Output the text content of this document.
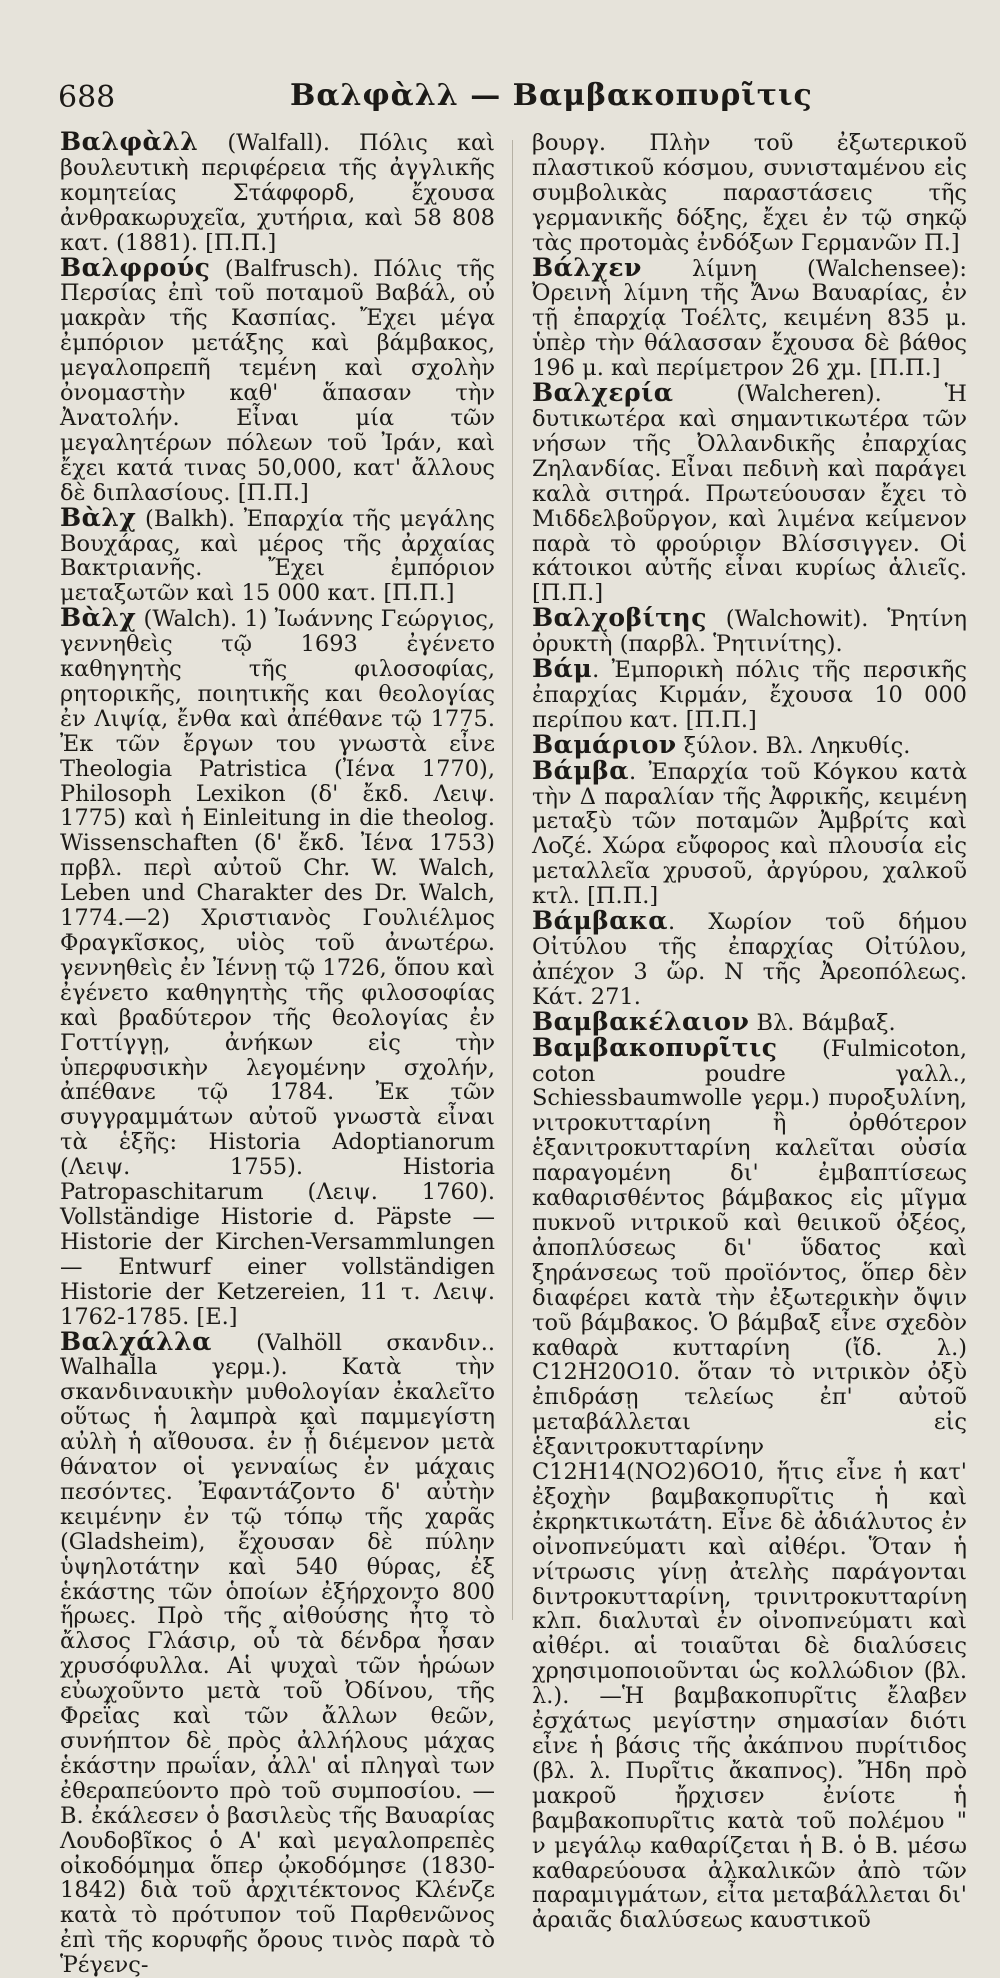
688	Βαλφὰλλ — Βαμβακοπυρῖτις

Βαλφὰλλ (Walfall). Πόλις καὶ βουλευτικὴ περιφέρεια τῆς ἀγγλικῆς κομητείας Στάφφορδ, ἔχουσα ἀνθρακωρυχεῖα, χυτήρια, καὶ 58 808 κατ. (1881). [Π.Π.]

Βαλφρούς (Balfrusch). Πόλις τῆς Περσίας ἐπὶ τοῦ ποταμοῦ Βαβάλ, οὐ μακρὰν τῆς Κασπίας. Ἔχει μέγα ἐμπόριον μετάξης καὶ βάμβακος, μεγαλοπρεπῆ τεμένη καὶ σχολὴν ὀνομαστὴν καθ' ἅπασαν τὴν Ἀνατολήν. Εἶναι μία τῶν μεγαλητέρων πόλεων τοῦ Ἰράν, καὶ ἔχει κατά τινας 50,000, κατ' ἄλλους δὲ διπλασίους. [Π.Π.]

Βὰλχ (Balkh). Ἐπαρχία τῆς μεγάλης Βουχάρας, καὶ μέρος τῆς ἀρχαίας Βακτριανῆς. Ἔχει ἐμπόριον μεταξωτῶν καὶ 15 000 κατ. [Π.Π.]

Βὰλχ (Walch). 1) Ἰωάννης Γεώργιος, γεννηθεὶς τῷ 1693 ἐγένετο καθηγητὴς τῆς φιλοσοφίας, ρητορικῆς, ποιητικῆς και θεολογίας ἐν Λιψίᾳ, ἔνθα καὶ ἀπέθανε τῷ 1775. Ἐκ τῶν ἔργων του γνωστὰ εἶνε Theologia Patristica (Ἰένα 1770), Philosoph Lexikon (δ' ἔκδ. Λειψ. 1775) καὶ ἡ Einleitung in die theolog. Wissenschaften (δ' ἔκδ. Ἰένα 1753) πρβλ. περὶ αὐτοῦ Chr. W. Walch, Leben und Charakter des Dr. Walch, 1774.—2) Χριστιανὸς Γουλιέλμος Φραγκῖσκος, υἱὸς τοῦ ἀνωτέρω. γεννηθεὶς ἐν Ἰέννῃ τῷ 1726, ὅπου καὶ ἐγένετο καθηγητὴς τῆς φιλοσοφίας καὶ βραδύτερον τῆς θεολογίας ἐν Γοττίγγῃ, ἀνήκων εἰς τὴν ὑπερφυσικὴν λεγομένην σχολήν, ἀπέθανε τῷ 1784. Ἐκ τῶν συγγραμμάτων αὐτοῦ γνωστὰ εἶναι τὰ ἑξῆς: Historia Adoptianorum (Λειψ. 1755). Historia Patropaschitarum (Λειψ. 1760). Vollständige Historie d. Päpste —Historie der Kirchen-Versammlungen — Entwurf einer vollständigen Historie der Ketzereien, 11 τ. Λειψ. 1762-1785. [Ε.]

Βαλχάλλα (Valhöll σκανδιν.. Walhalla γερμ.). Κατὰ τὴν σκανδιναυικὴν μυθολογίαν ἐκαλεῖτο οὕτως ἡ λαμπρὰ καὶ παμμεγίστη αὐλὴ ἡ αἴθουσα. ἐν ᾗ διέμενον μετὰ θάνατον οἱ γενναίως ἐν μάχαις πεσόντες. Ἐφαντάζοντο δ' αὐτὴν κειμένην ἐν τῷ τόπῳ τῆς χαρᾶς (Gladsheim), ἔχουσαν δὲ πύλην ὑψηλοτάτην καὶ 540 θύρας, ἐξ ἑκάστης τῶν ὁποίων ἐξήρχοντο 800 ἥρωες. Πρὸ τῆς αἰθούσης ἦτο τὸ ἄλσος Γλάσιρ, οὗ τὰ δένδρα ἦσαν χρυσόφυλλα. Αἱ ψυχαὶ τῶν ἡρώων εὐωχοῦντο μετὰ τοῦ Ὀδίνου, τῆς Φρεΐας καὶ τῶν ἄλλων θεῶν, συνήπτον δὲ πρὸς ἀλλήλους μάχας ἑκάστην πρωΐαν, ἀλλ' αἱ πληγαὶ των ἐθεραπεύοντο πρὸ τοῦ συμποσίου. — Β. ἐκάλεσεν ὁ βασιλεὺς τῆς Βαυαρίας Λουδοβῖκος ὁ Α' καὶ μεγαλοπρεπὲς οἰκοδόμημα ὅπερ ᾠκοδόμησε (1830-1842) διὰ τοῦ ἀρχιτέκτονος Κλένζε κατὰ τὸ πρότυπον τοῦ Παρθενῶνος ἐπὶ τῆς κορυφῆς ὄρους τινὸς παρὰ τὸ Ῥέγενς-

βουργ. Πλὴν τοῦ ἐξωτερικοῦ πλαστικοῦ κόσμου, συνισταμένου εἰς συμβολικὰς παραστάσεις τῆς γερμανικῆς δόξης, ἔχει ἐν τῷ σηκῷ τὰς προτομὰς ἐνδόξων Γερμανῶν Π.]

Βάλχεν λίμνη (Walchensee): Ὀρεινὴ λίμνη τῆς Ἄνω Βαυαρίας, ἐν τῇ ἐπαρχίᾳ Τοέλτς, κειμένη 835 μ. ὑπὲρ τὴν θάλασσαν ἔχουσα δὲ βάθος 196 μ. καὶ περίμετρον 26 χμ. [Π.Π.]

Βαλχερία (Walcheren). Ἡ δυτικωτέρα καὶ σημαντικωτέρα τῶν νήσων τῆς Ὀλλανδικῆς ἐπαρχίας Ζηλανδίας. Εἶναι πεδινὴ καὶ παράγει καλὰ σιτηρά. Πρωτεύουσαν ἔχει τὸ Μιδδελβοῦργον, καὶ λιμένα κείμενον παρὰ τὸ φρούριον Βλίσσιγγεν. Οἱ κάτοικοι αὐτῆς εἶναι κυρίως ἁλιεῖς. [Π.Π.]

Βαλχοβίτης (Walchowit). Ῥητίνη ὀρυκτὴ (παρβλ. Ῥητινίτης).

Βάμ. Ἐμπορικὴ πόλις τῆς περσικῆς ἐπαρχίας Κιρμάν, ἔχουσα 10 000 περίπου κατ. [Π.Π.]

Βαμάριον ξύλον. Βλ. Ληκυθίς.

Βάμβα. Ἐπαρχία τοῦ Κόγκου κατὰ τὴν Δ παραλίαν τῆς Ἀφρικῆς, κειμένη μεταξὺ τῶν ποταμῶν Ἀμβρίτς καὶ Λοζέ. Χώρα εὔφορος καὶ πλουσία εἰς μεταλλεῖα χρυσοῦ, ἀργύρου, χαλκοῦ κτλ. [Π.Π.]

Βάμβακα. Χωρίον τοῦ δήμου Οἰτύλου τῆς ἐπαρχίας Οἰτύλου, ἀπέχον 3 ὥρ. Ν τῆς Ἀρεοπόλεως. Κάτ. 271.

Βαμβακέλαιον Βλ. Βάμβαξ.

Βαμβακοπυρῖτις (Fulmicoton, coton poudre γαλλ., Schiessbaumwolle γερμ.) πυροξυλίνη, νιτροκυτταρίνη ἢ ὀρθότερον ἑξανιτροκυτταρίνη καλεῖται οὐσία παραγομένη δι' ἐμβαπτίσεως καθαρισθέντος βάμβακος εἰς μῖγμα πυκνοῦ νιτρικοῦ καὶ θειικοῦ ὀξέος, ἀποπλύσεως δι' ὕδατος καὶ ξηράνσεως τοῦ προϊόντος, ὅπερ δὲν διαφέρει κατὰ τὴν ἐξωτερικὴν ὄψιν τοῦ βάμβακος. Ὁ βάμβαξ εἶνε σχεδὸν καθαρὰ κυτταρίνη (ἴδ. λ.) C12H20O10. ὅταν τὸ νιτρικὸν ὀξὺ ἐπιδράσῃ τελείως ἐπ' αὐτοῦ μεταβάλλεται εἰς ἑξανιτροκυτταρίνην C12H14(NO2)6O10, ἥτις εἶνε ἡ κατ' ἐξοχὴν βαμβακοπυρῖτις ἡ καὶ ἐκρηκτικωτάτη. Εἶνε δὲ ἀδιάλυτος ἐν οἰνοπνεύματι καὶ αἰθέρι. Ὅταν ἡ νίτρωσις γίνῃ ἀτελὴς παράγονται διντροκυτταρίνη, τρινιτροκυτταρίνη κλπ. διαλυταὶ ἐν οἰνοπνεύματι καὶ αἰθέρι. αἱ τοιαῦται δὲ διαλύσεις χρησιμοποιοῦνται ὡς κολλώδιον (βλ. λ.). —Ἡ βαμβακοπυρῖτις ἔλαβεν ἐσχάτως μεγίστην σημασίαν διότι εἶνε ἡ βάσις τῆς ἀκάπνου πυρίτιδος (βλ. λ. Πυρῖτις ἄκαπνος). Ἤδη πρὸ μακροῦ ἤρχισεν ἐνίοτε ἡ βαμβακοπυρῖτις κατὰ τοῦ πολέμου " ν μεγάλῳ καθαρίζεται ἡ Β. ὁ Β. μέσω καθαρεύουσα ἀλκαλικῶν ἀπὸ τῶν παραμιγμάτων, εἶτα μεταβάλλεται δι' ἀραιᾶς διαλύσεως καυστικοῦ
